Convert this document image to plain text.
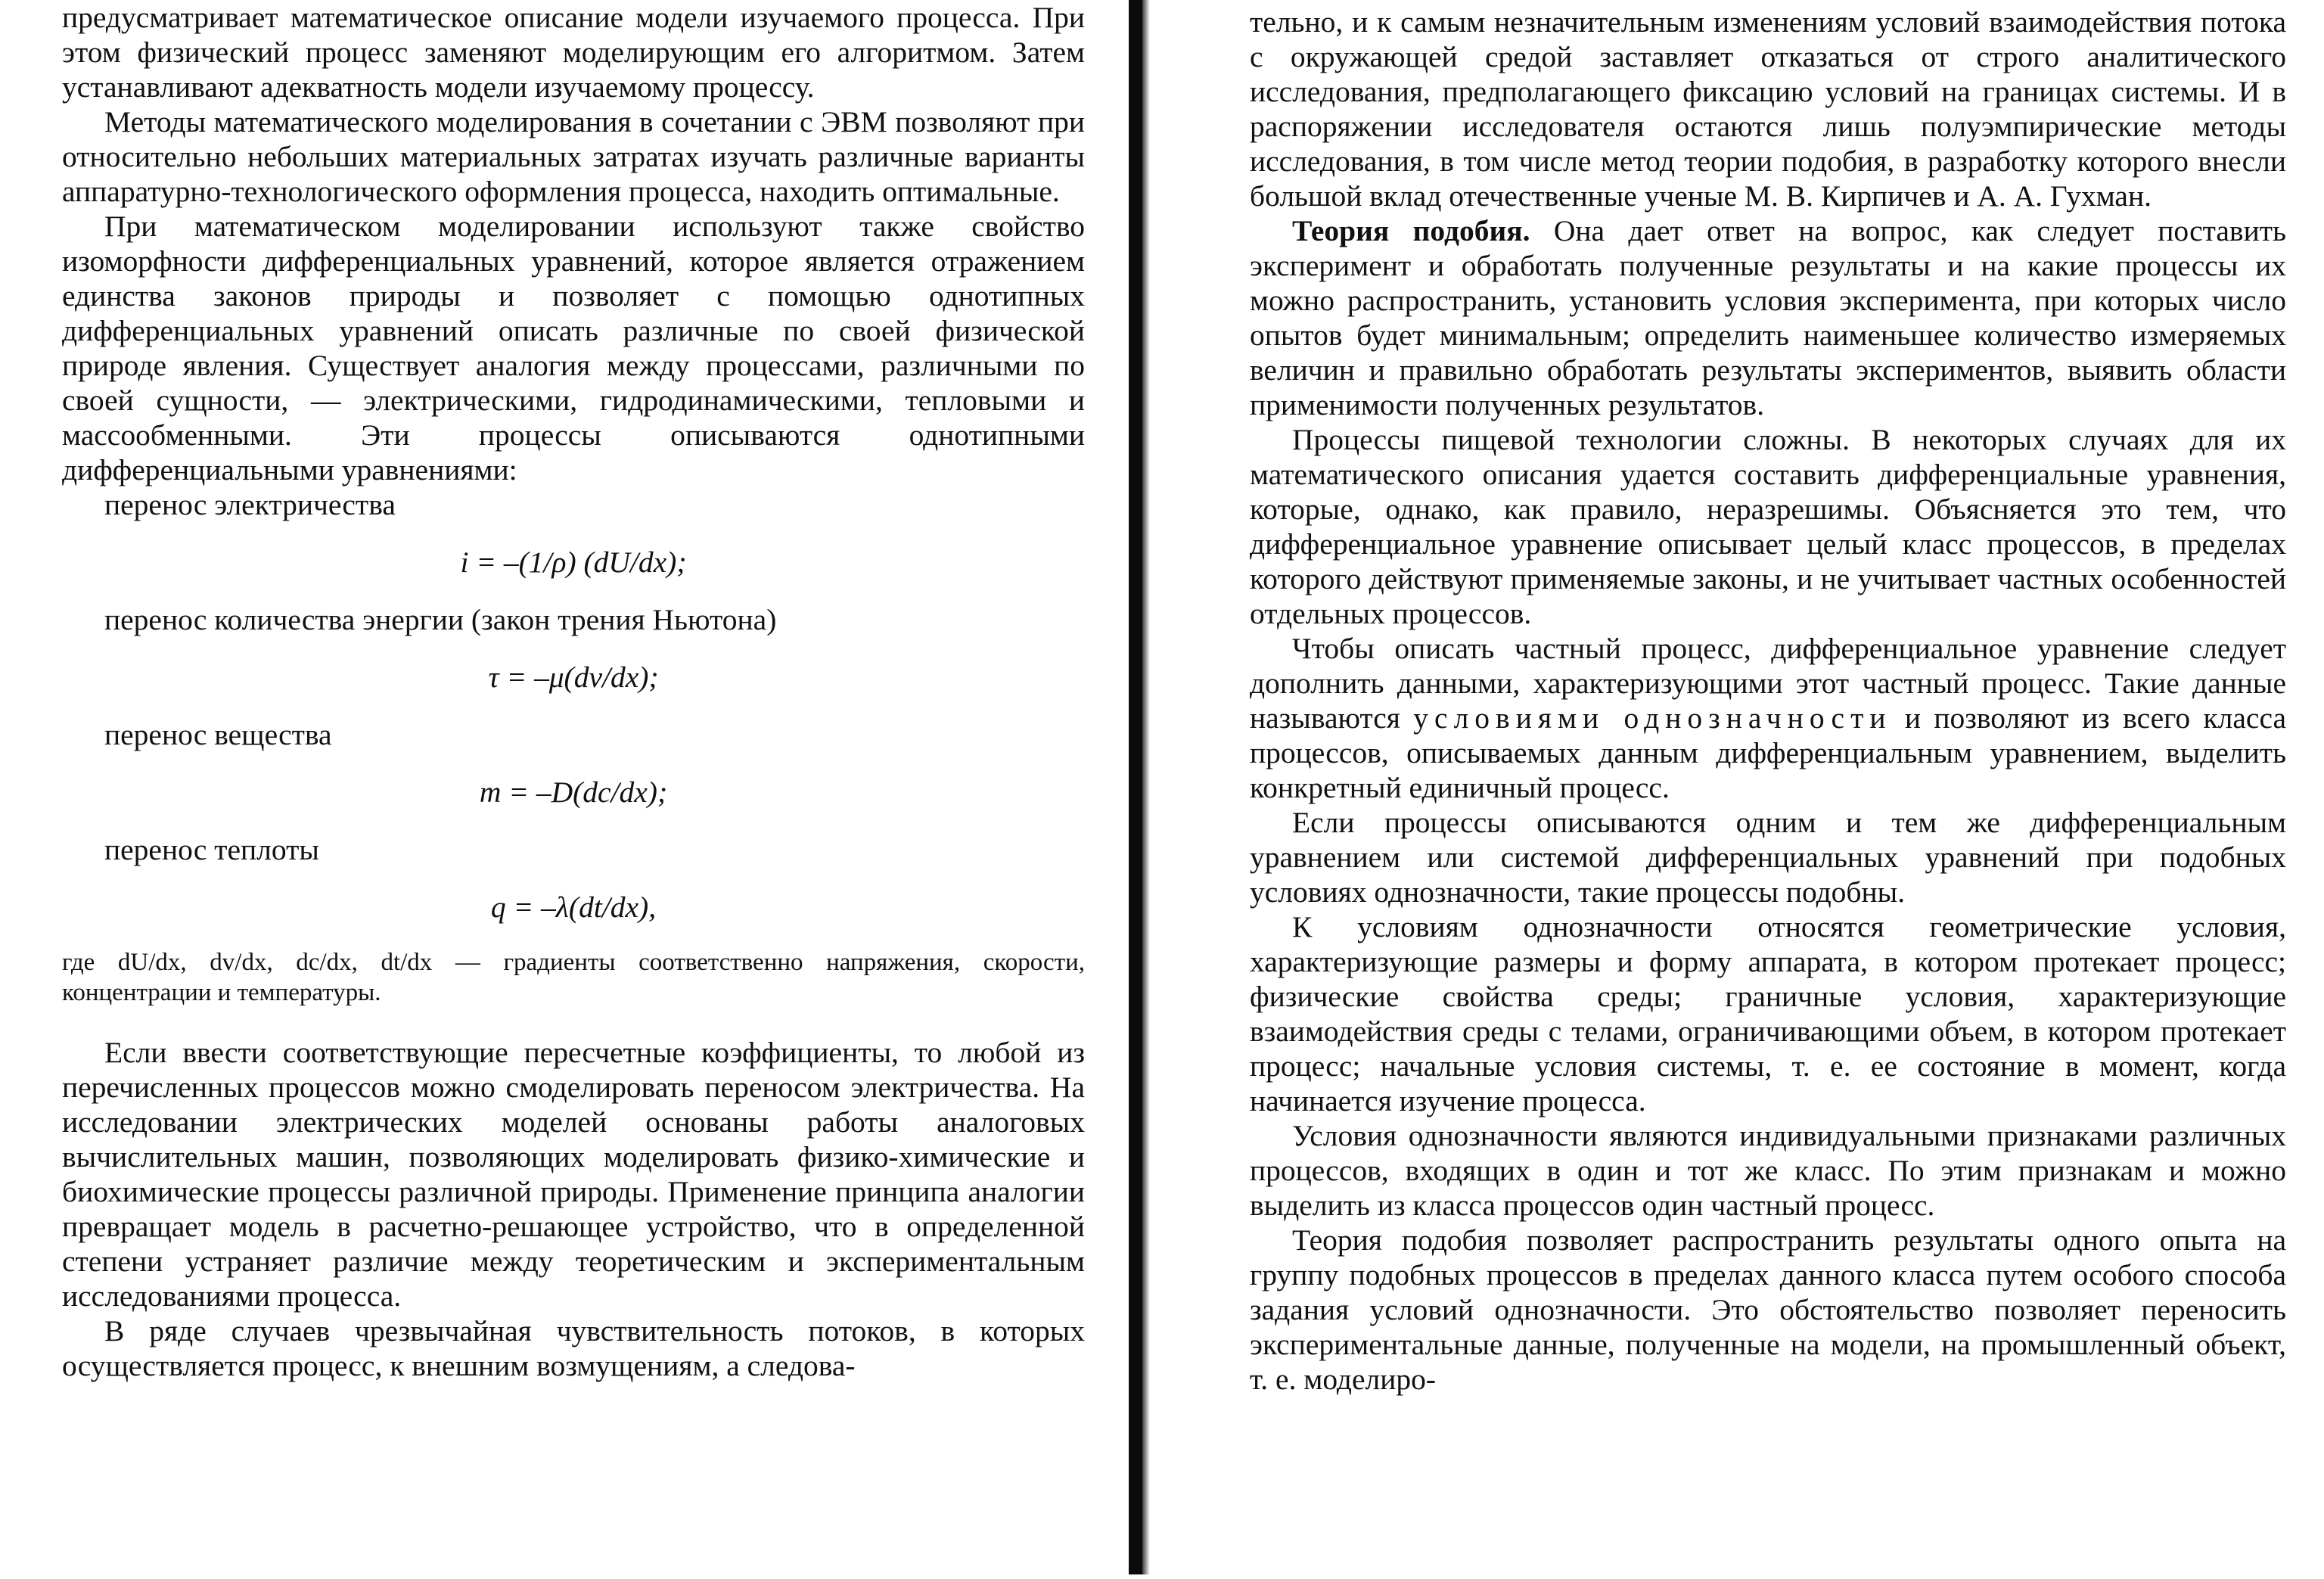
предусматривает математическое описание модели изучаемого процесса. При этом физический процесс заменяют моделирующим его алгоритмом. Затем устанавливают адекватность модели изучаемому процессу.

Методы математического моделирования в сочетании с ЭВМ позволяют при относительно небольших материальных затратах изучать различные варианты аппаратурно-технологического оформления процесса, находить оптимальные.

При математическом моделировании используют также свойство изоморфности дифференциальных уравнений, которое является отражением единства законов природы и позволяет с помощью однотипных дифференциальных уравнений описать различные по своей физической природе явления. Существует аналогия между процессами, различными по своей сущности, — электрическими, гидродинамическими, тепловыми и массообменными. Эти процессы описываются однотипными дифференциальными уравнениями:

перенос электричества
i = –(1/ρ) (dU/dx);
перенос количества энергии (закон трения Ньютона)
τ = –μ(dv/dx);
перенос вещества
m = –D(dc/dx);
перенос теплоты
q = –λ(dt/dx),
где dU/dx, dv/dx, dc/dx, dt/dx — градиенты соответственно напряжения, скорости, концентрации и температуры.

Если ввести соответствующие пересчетные коэффициенты, то любой из перечисленных процессов можно смоделировать переносом электричества. На исследовании электрических моделей основаны работы аналоговых вычислительных машин, позволяющих моделировать физико-химические и биохимические процессы различной природы. Применение принципа аналогии превращает модель в расчетно-решающее устройство, что в определенной степени устраняет различие между теоретическим и экспериментальным исследованиями процесса.

В ряде случаев чрезвычайная чувствительность потоков, в которых осуществляется процесс, к внешним возмущениям, а следова-

тельно, и к самым незначительным изменениям условий взаимодействия потока с окружающей средой заставляет отказаться от строго аналитического исследования, предполагающего фиксацию условий на границах системы. И в распоряжении исследователя остаются лишь полуэмпирические методы исследования, в том числе метод теории подобия, в разработку которого внесли большой вклад отечественные ученые М. В. Кирпичев и А. А. Гухман.

Теория подобия. Она дает ответ на вопрос, как следует поставить эксперимент и обработать полученные результаты и на какие процессы их можно распространить, установить условия эксперимента, при которых число опытов будет минимальным; определить наименьшее количество измеряемых величин и правильно обработать результаты экспериментов, выявить области применимости полученных результатов.

Процессы пищевой технологии сложны. В некоторых случаях для их математического описания удается составить дифференциальные уравнения, которые, однако, как правило, неразрешимы. Объясняется это тем, что дифференциальное уравнение описывает целый класс процессов, в пределах которого действуют применяемые законы, и не учитывает частных особенностей отдельных процессов.

Чтобы описать частный процесс, дифференциальное уравнение следует дополнить данными, характеризующими этот частный процесс. Такие данные называются условиями однозначности и позволяют из всего класса процессов, описываемых данным дифференциальным уравнением, выделить конкретный единичный процесс.

Если процессы описываются одним и тем же дифференциальным уравнением или системой дифференциальных уравнений при подобных условиях однозначности, такие процессы подобны.

К условиям однозначности относятся геометрические условия, характеризующие размеры и форму аппарата, в котором протекает процесс; физические свойства среды; граничные условия, характеризующие взаимодействия среды с телами, ограничивающими объем, в котором протекает процесс; начальные условия системы, т. е. ее состояние в момент, когда начинается изучение процесса.

Условия однозначности являются индивидуальными признаками различных процессов, входящих в один и тот же класс. По этим признакам и можно выделить из класса процессов один частный процесс.

Теория подобия позволяет распространить результаты одного опыта на группу подобных процессов в пределах данного класса путем особого способа задания условий однозначности. Это обстоятельство позволяет переносить экспериментальные данные, полученные на модели, на промышленный объект, т. е. моделиро-
